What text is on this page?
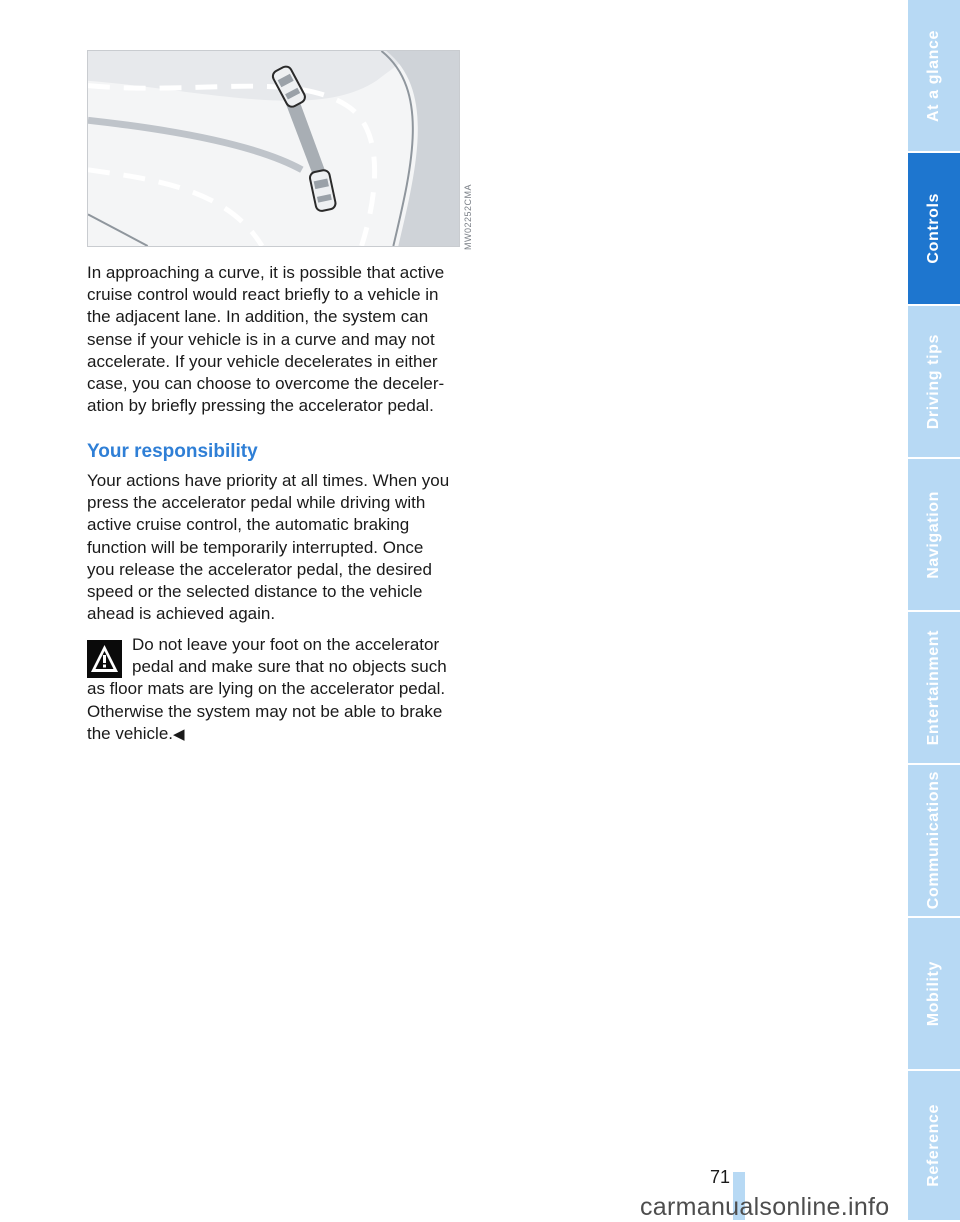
MW02252CMA
In approaching a curve, it is possible that active
cruise control would react briefly to a vehicle in
the adjacent lane. In addition, the system can
sense if your vehicle is in a curve and may not
accelerate. If your vehicle decelerates in either
case, you can choose to overcome the deceler-
ation by briefly pressing the accelerator pedal.
Your responsibility
Your actions have priority at all times. When you
press the accelerator pedal while driving with
active cruise control, the automatic braking
function will be temporarily interrupted. Once
you release the accelerator pedal, the desired
speed or the selected distance to the vehicle
ahead is achieved again.
Do not leave your foot on the accelerator
pedal and make sure that no objects such
as floor mats are lying on the accelerator pedal.
Otherwise the system may not be able to brake
the vehicle.◀
71
At a glance
Controls
Driving tips
Navigation
Entertainment
Communications
Mobility
Reference
carmanualsonline.info
